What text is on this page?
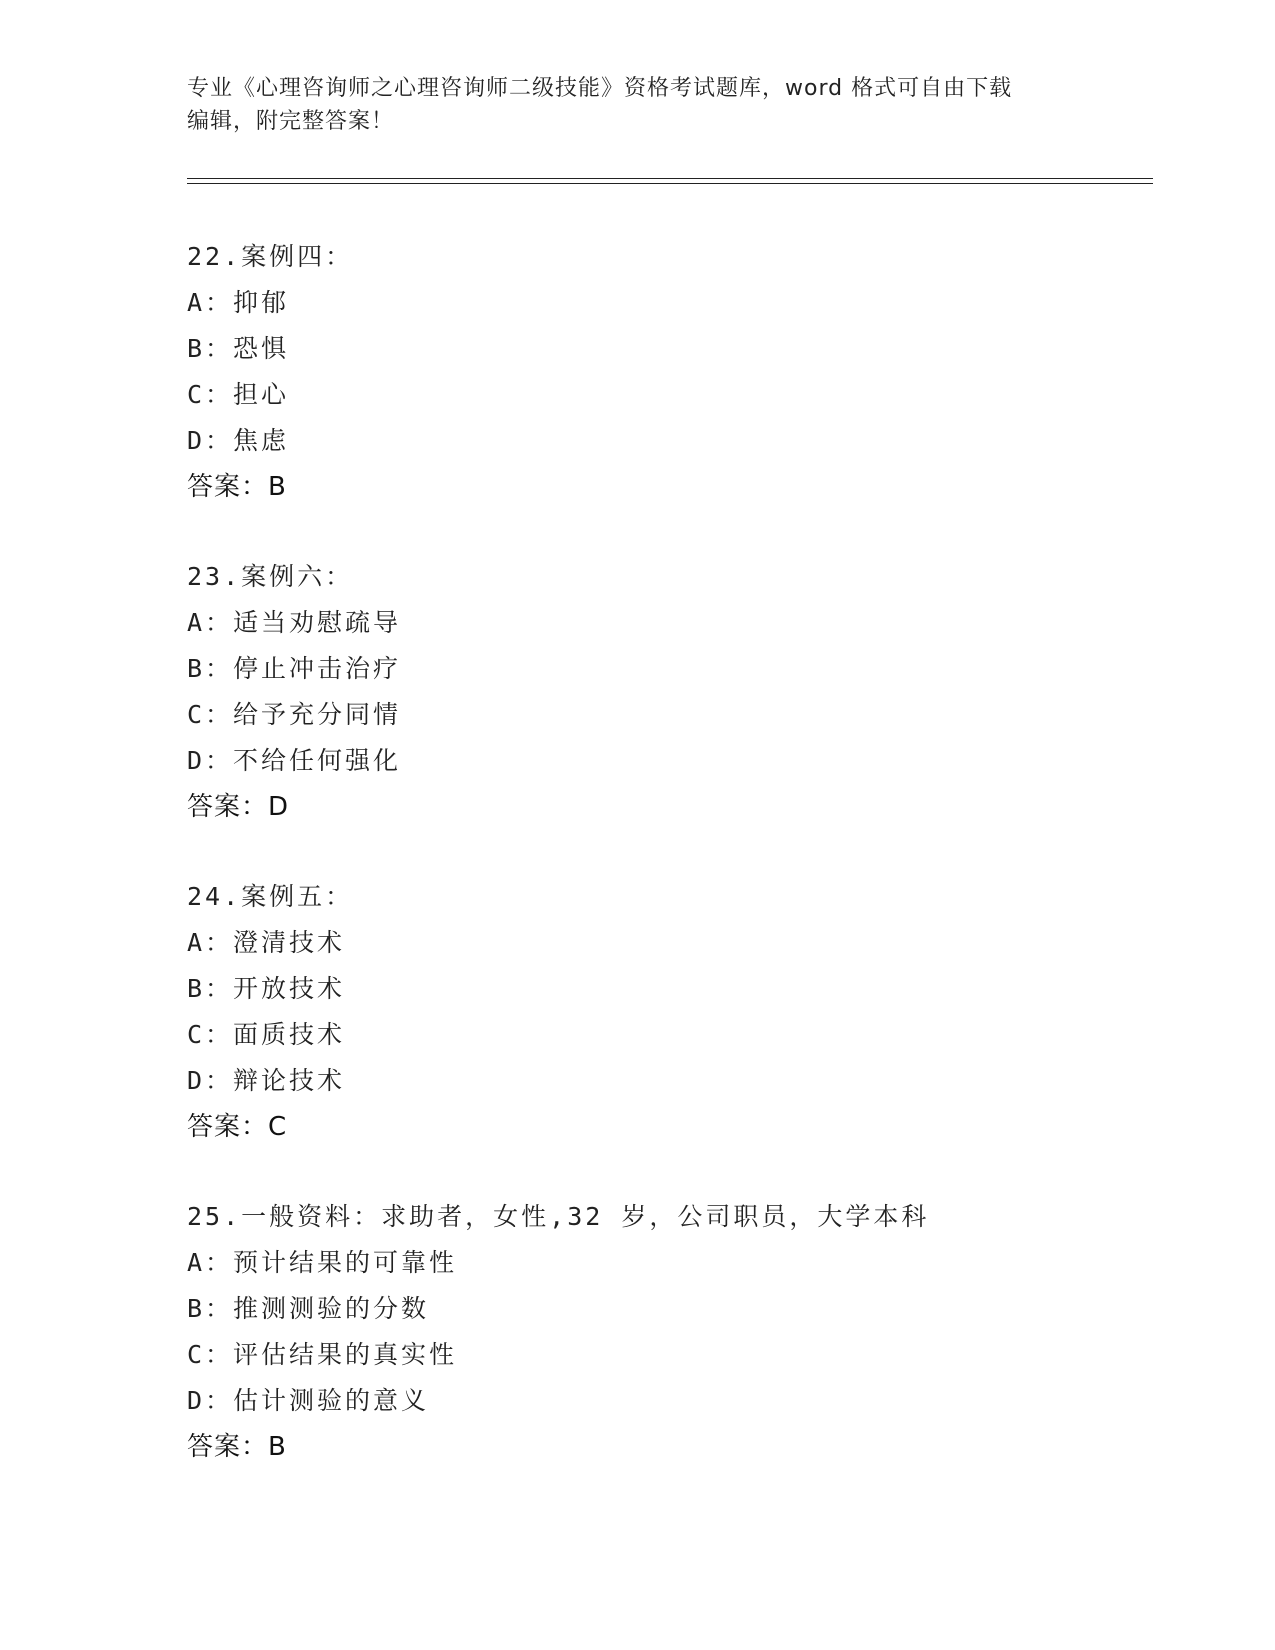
专业《心理咨询师之心理咨询师二级技能》资格考试题库，word 格式可自由下载
编辑，附完整答案！
22.案例四：
A：抑郁
B：恐惧
C：担心
D：焦虑
答案：B
23.案例六：
A：适当劝慰疏导
B：停止冲击治疗
C：给予充分同情
D：不给任何强化
答案：D
24.案例五：
A：澄清技术
B：开放技术
C：面质技术
D：辩论技术
答案：C
25.一般资料：求助者，女性,32 岁，公司职员，大学本科
A：预计结果的可靠性
B：推测测验的分数
C：评估结果的真实性
D：估计测验的意义
答案：B
